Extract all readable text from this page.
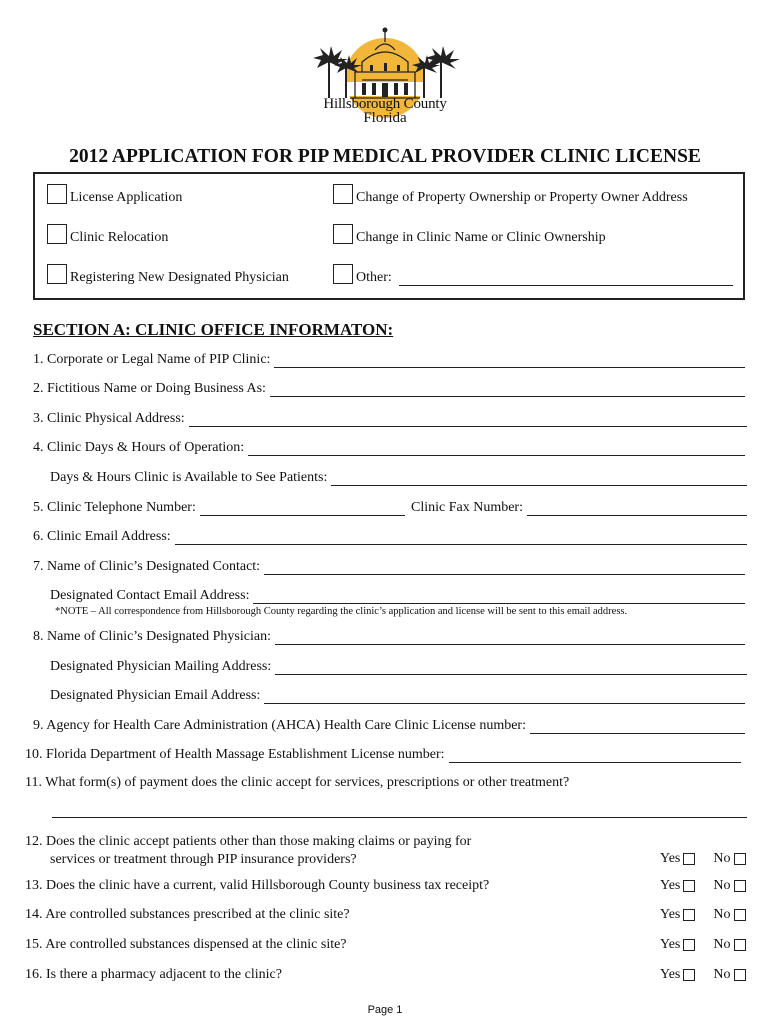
Hillsborough County
Florida
2012 APPLICATION FOR PIP MEDICAL PROVIDER CLINIC LICENSE
License Application	Change of Property Ownership or Property Owner Address
Clinic Relocation	Change in Clinic Name or Clinic Ownership
Registering New Designated Physician	Other:
SECTION A: CLINIC OFFICE INFORMATON:
1. Corporate or Legal Name of PIP Clinic:
2. Fictitious Name or Doing Business As:
3. Clinic Physical Address:
4. Clinic Days & Hours of Operation:
Days & Hours Clinic is Available to See Patients:
5. Clinic Telephone Number:	Clinic Fax Number:
6. Clinic Email Address:
7. Name of Clinic’s Designated Contact:
Designated Contact Email Address:
*NOTE – All correspondence from Hillsborough County regarding the clinic’s application and license will be sent to this email address.
8. Name of Clinic’s Designated Physician:
Designated Physician Mailing Address:
Designated Physician Email Address:
9. Agency for Health Care Administration (AHCA) Health Care Clinic License number:
10. Florida Department of Health Massage Establishment License number:
11. What form(s) of payment does the clinic accept for services, prescriptions or other treatment?
12. Does the clinic accept patients other than those making claims or paying for
services or treatment through PIP insurance providers?	Yes No
13. Does the clinic have a current, valid Hillsborough County business tax receipt?	Yes No
14. Are controlled substances prescribed at the clinic site?	Yes No
15. Are controlled substances dispensed at the clinic site?	Yes No
16. Is there a pharmacy adjacent to the clinic?	Yes No
Page 1
